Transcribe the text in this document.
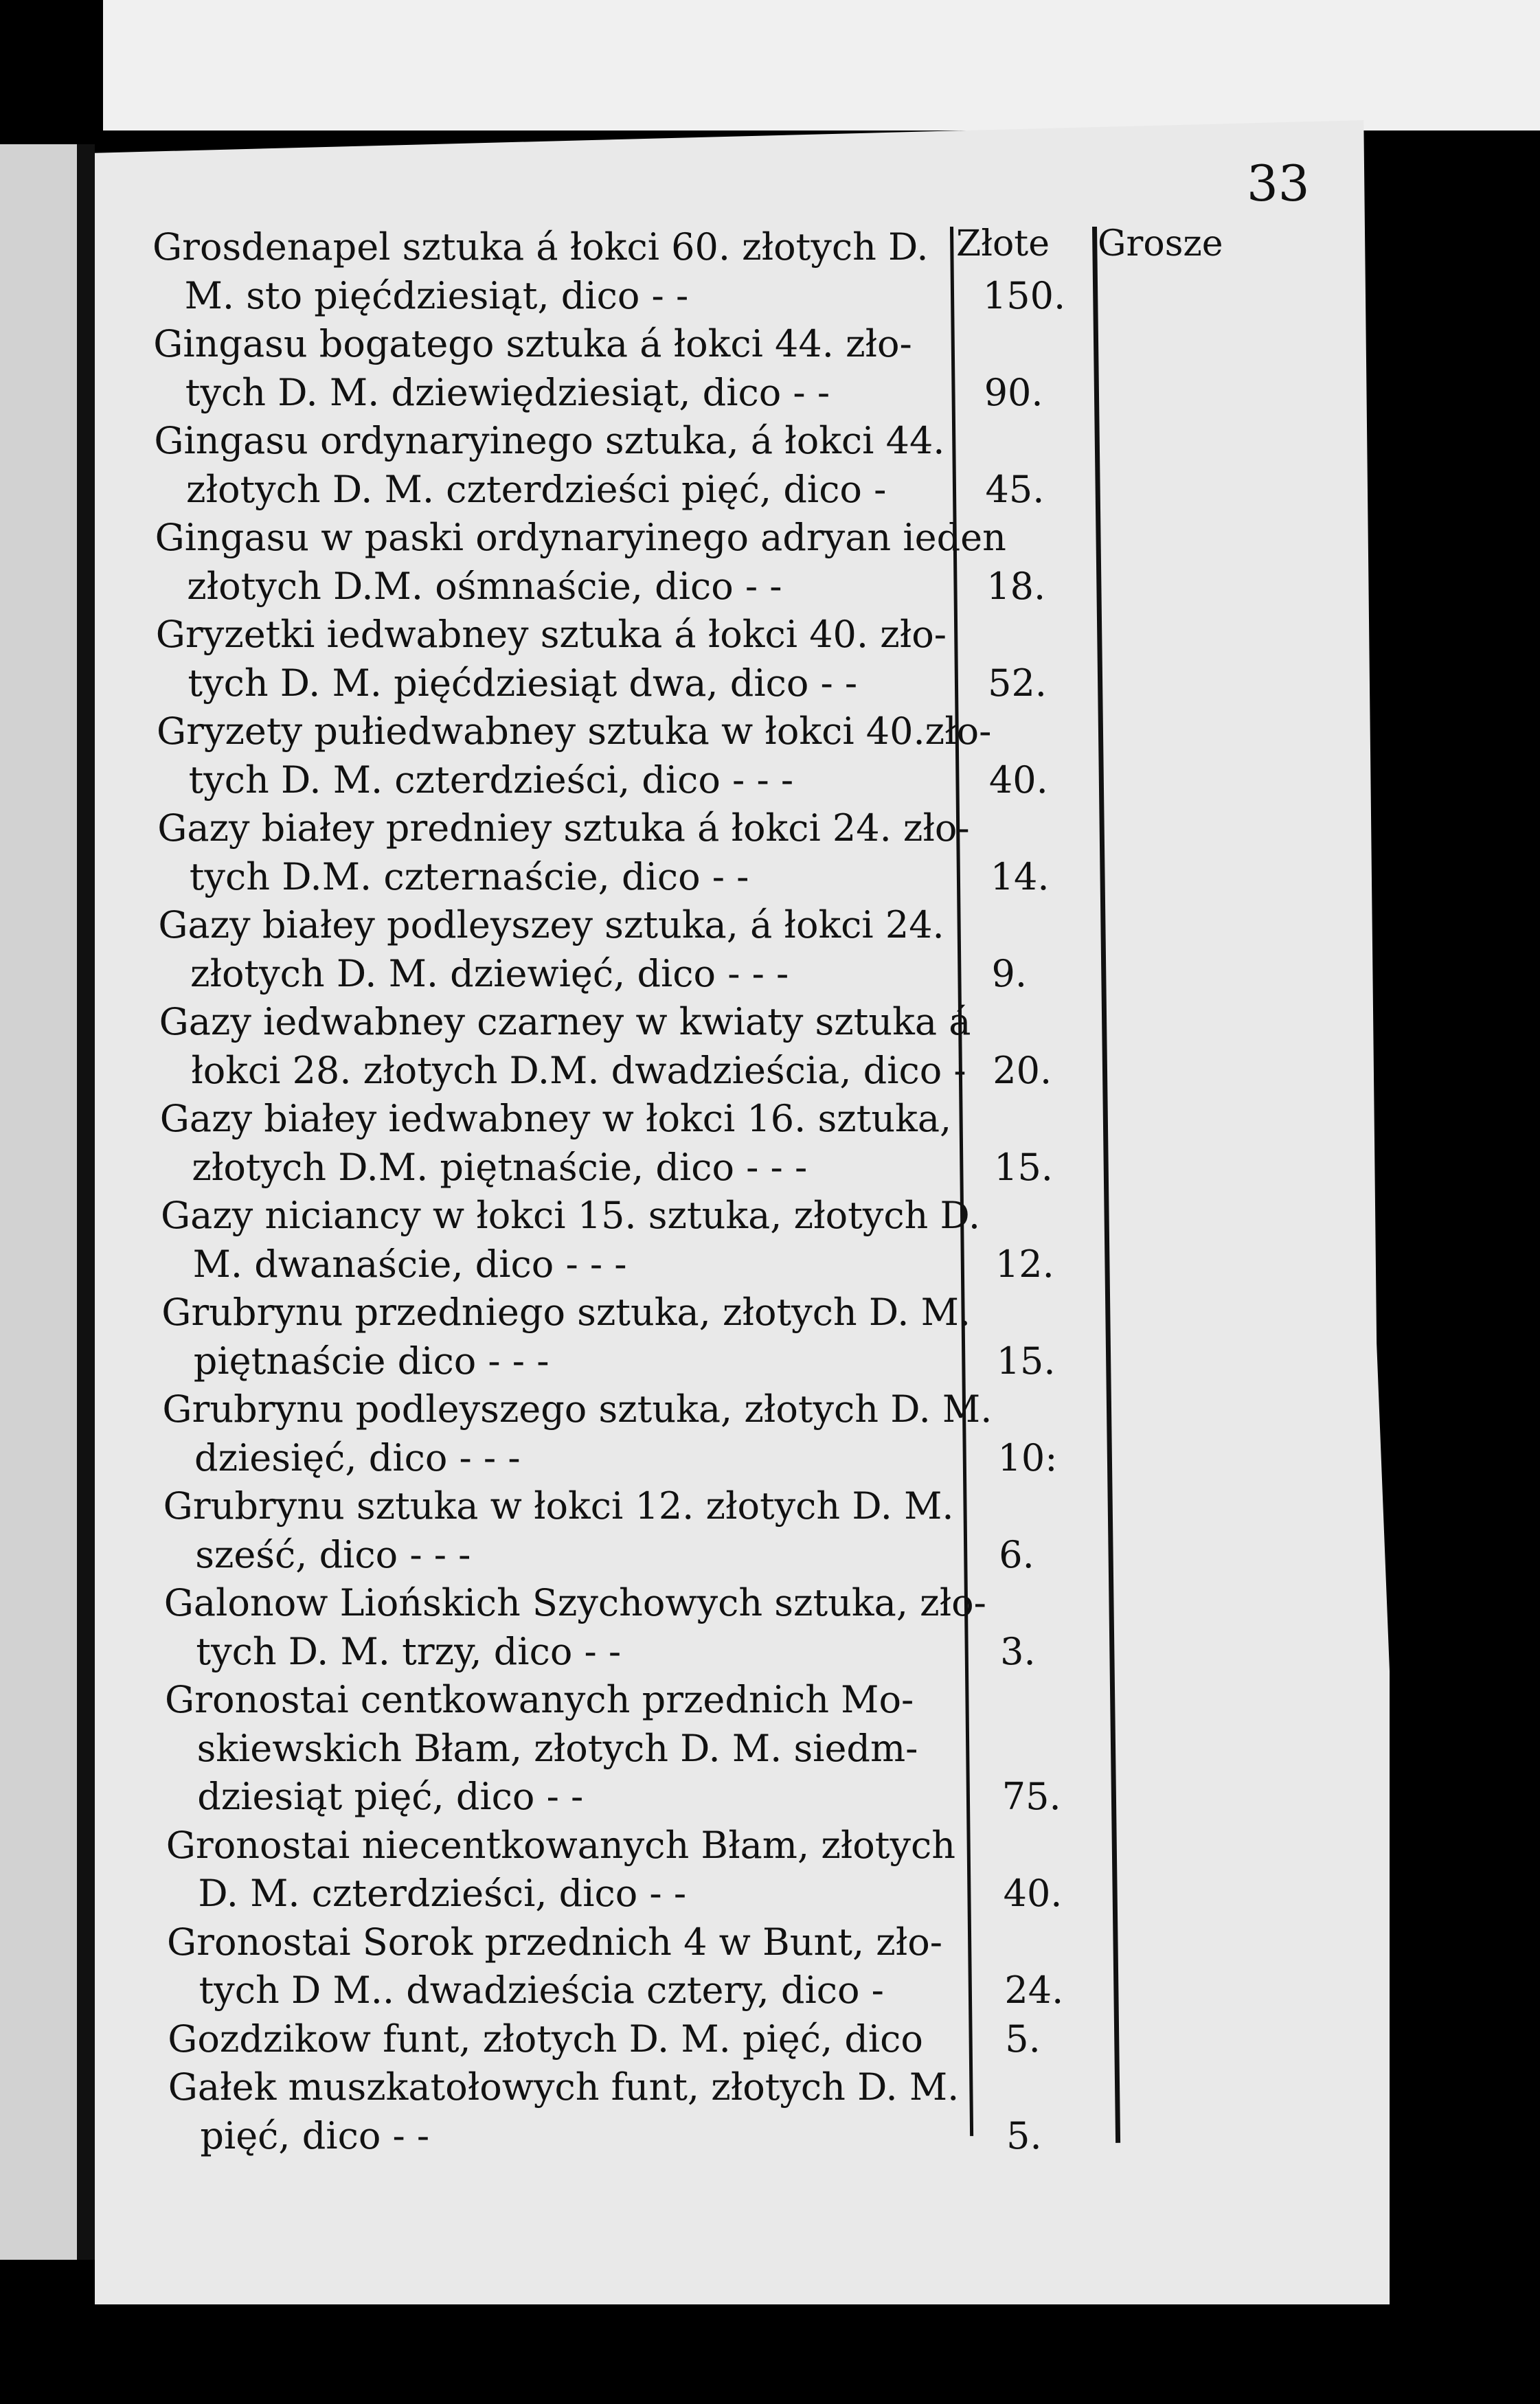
33
Złote Grosze
Grosdenapel sztuka á łokci 60. złotych D.
M. sto pięćdziesiąt, dico - -	150.
Gingasu bogatego sztuka á łokci 44. zło-
tych D. M. dziewiędziesiąt, dico - -	90.
Gingasu ordynaryinego sztuka, á łokci 44.
złotych D. M. czterdzieści pięć, dico -	45.
Gingasu w paski ordynaryinego adryan ieden
złotych D.M. ośmnaście, dico - -	18.
Gryzetki iedwabney sztuka á łokci 40. zło-
tych D. M. pięćdziesiąt dwa, dico - -	52.
Gryzety pułiedwabney sztuka w łokci 40.zło-
tych D. M. czterdzieści, dico - - -	40.
Gazy białey predniey sztuka á łokci 24. zło-
tych D.M. czternaście, dico - -	14.
Gazy białey podleyszey sztuka, á łokci 24.
złotych D. M. dziewięć, dico - - -	9.
Gazy iedwabney czarney w kwiaty sztuka á
łokci 28. złotych D.M. dwadzieścia, dico - 20.
Gazy białey iedwabney w łokci 16. sztuka,
złotych D.M. piętnaście, dico - - -	15.
Gazy niciancy w łokci 15. sztuka, złotych D.
M. dwanaście, dico - - -	12.
Grubrynu przedniego sztuka, złotych D. M.
piętnaście dico - - -	15.
Grubrynu podleyszego sztuka, złotych D. M.
dziesięć, dico - - -	10:
Grubrynu sztuka w łokci 12. złotych D. M.
sześć, dico - - -	6.
Galonow Liońskich Szychowych sztuka, zło-
tych D. M. trzy, dico - -	3.
Gronostai centkowanych przednich Mo-
skiewskich Błam, złotych D. M. siedm-
dziesiąt pięć, dico - -	75.
Gronostai niecentkowanych Błam, złotych
D. M. czterdzieści, dico - -	40.
Gronostai Sorok przednich 4 w Bunt, zło-
tych D M.. dwadzieścia cztery, dico -	24.
Gozdzikow funt, złotych D. M. pięć, dico 5.
Gałek muszkatołowych funt, złotych D. M.
pięć, dico - -	5.
